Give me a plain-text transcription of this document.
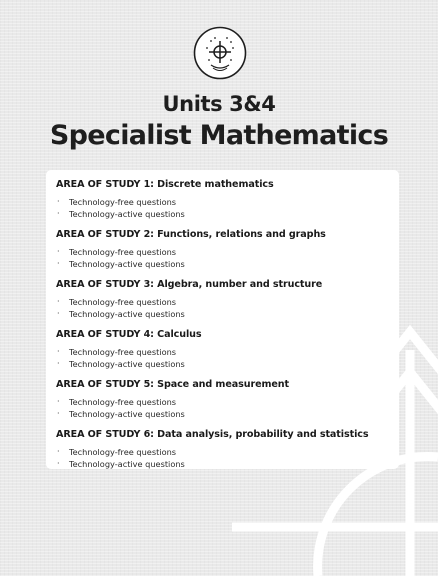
Units 3&4
Specialist Mathematics
AREA OF STUDY 1: Discrete mathematics
· Technology-free questions
· Technology-active questions
AREA OF STUDY 2: Functions, relations and graphs
· Technology-free questions
· Technology-active questions
AREA OF STUDY 3: Algebra, number and structure
· Technology-free questions
· Technology-active questions
AREA OF STUDY 4: Calculus
· Technology-free questions
· Technology-active questions
AREA OF STUDY 5: Space and measurement
· Technology-free questions
· Technology-active questions
AREA OF STUDY 6: Data analysis, probability and statistics
· Technology-free questions
· Technology-active questions
